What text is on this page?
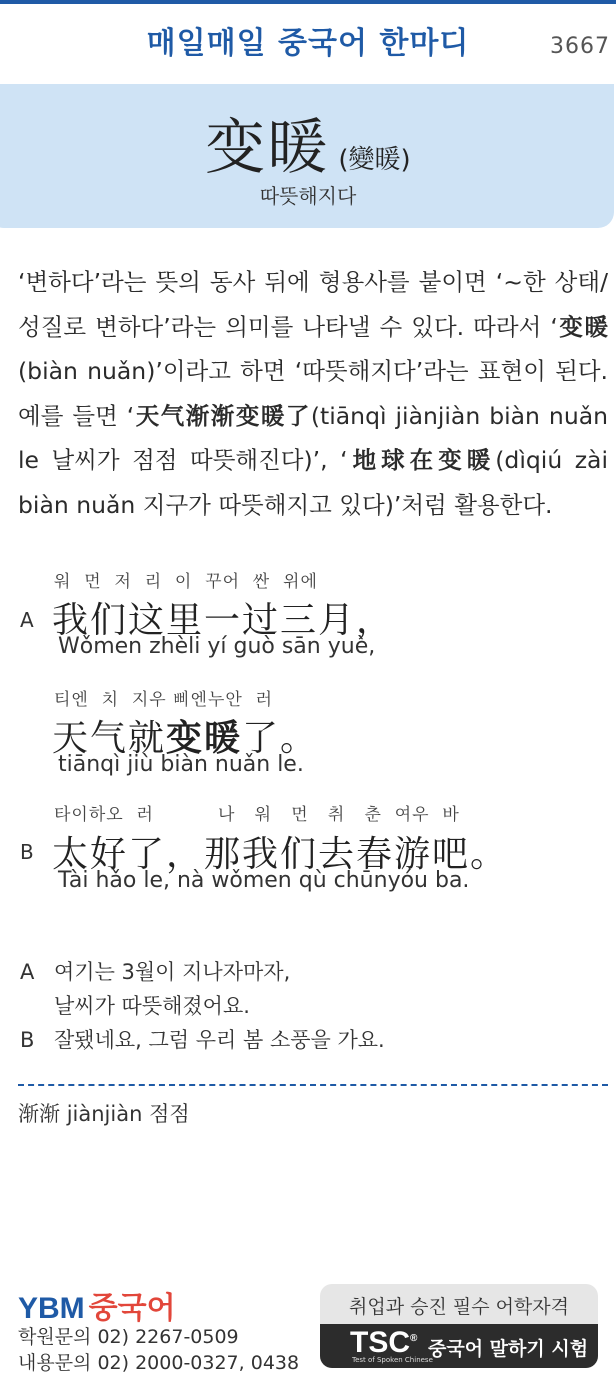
매일매일 중국어 한마디	3667
变暖 (變暖)
따뜻해지다

‘변하다’라는 뜻의 동사 뒤에 형용사를 붙이면 ‘~한 상태/성질로 변하다’라는 의미를 나타낼 수 있다. 따라서 ‘变暖(biàn nuǎn)’이라고 하면 ‘따뜻해지다’라는 표현이 된다. 예를 들면 ‘天气渐渐变暖了(tiānqì jiànjiàn biàn nuǎn le 날씨가 점점 따뜻해진다)’, ‘地球在变暖(dìqiú zài biàn nuǎn 지구가 따뜻해지고 있다)’처럼 활용한다.

워  먼  저  리  이  꾸어  싼  위에
A 我们这里一过三月，
Wǒmen zhèli yí guò sān yuè,
티엔  치  지우 삐엔누안  러
天气就变暖了。
tiānqì jiù biàn nuǎn le.
타이하오  러          나   워   먼   취   춘  여우  바
B 太好了，那我们去春游吧。
Tài hǎo le, nà wǒmen qù chūnyóu ba.
A 여기는 3월이 지나자마자,
날씨가 따뜻해졌어요.
B 잘됐네요, 그럼 우리 봄 소풍을 가요.
渐渐 jiànjiàn 점점
YBM 중국어
학원문의 02) 2267-0509
내용문의 02) 2000-0327, 0438
취업과 승진 필수 어학자격
TSC®
Test of Spoken Chinese
중국어 말하기 시험
